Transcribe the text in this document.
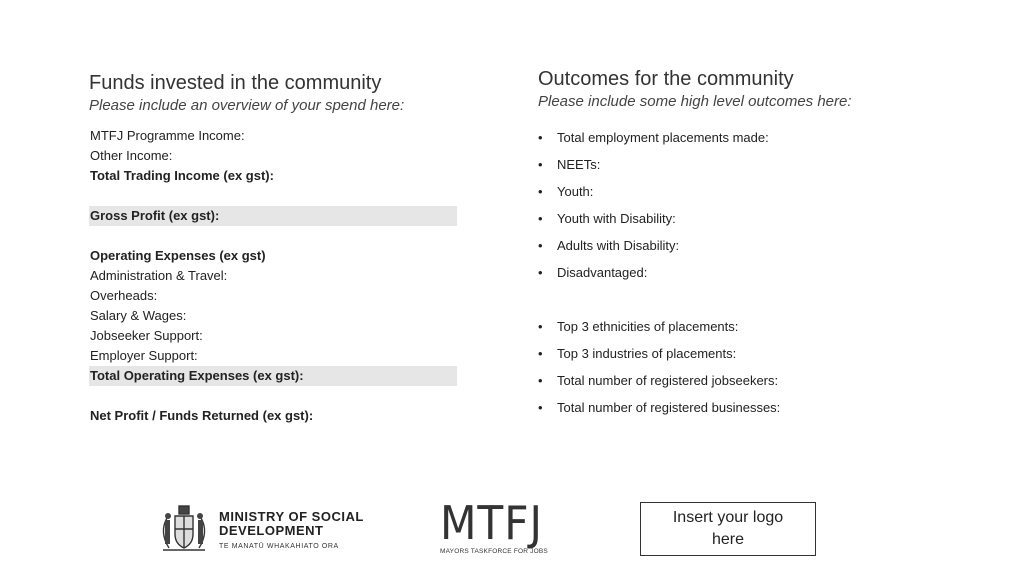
Funds invested in the community
Please include an overview of your spend here:
MTFJ Programme Income:
Other Income:
Total Trading Income (ex gst):
Gross Profit (ex gst):
Operating Expenses (ex gst)
Administration & Travel:
Overheads:
Salary & Wages:
Jobseeker Support:
Employer Support:
Total Operating Expenses (ex gst):
Net Profit / Funds Returned (ex gst):
Outcomes for the community
Please include some high level outcomes here:
• Total employment placements made:
• NEETs:
• Youth:
• Youth with Disability:
• Adults with Disability:
• Disadvantaged:
• Top 3 ethnicities of placements:
• Top 3 industries of placements:
• Total number of registered jobseekers:
• Total number of registered businesses:
MINISTRY OF SOCIAL
DEVELOPMENT
TE MANATŪ WHAKAHIATO ORA	MTFJ
MAYORS TASKFORCE FOR JOBS
Insert your logo here
